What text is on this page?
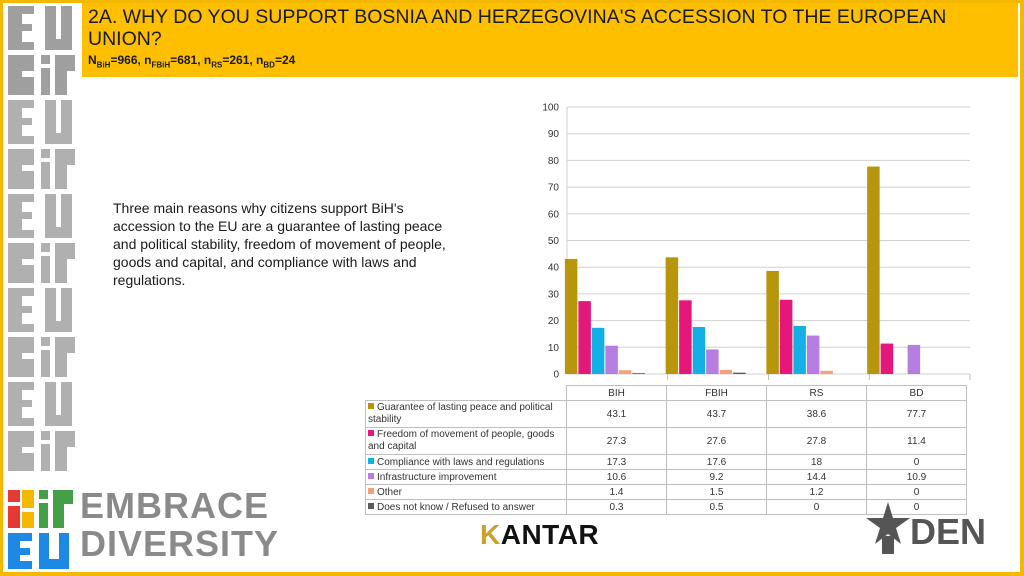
2A. WHY DO YOU SUPPORT BOSNIA AND HERZEGOVINA'S ACCESSION TO THE EUROPEAN UNION?
$N_{BiH}=966$, $n_{FBiH}=681$, $n_{RS}=261$, $n_{BD}=24$
Three main reasons why citizens support BiH's accession to the EU are a guarantee of lasting peace and political stability, freedom of movement of people, goods and capital, and compliance with laws and regulations.
0
10
20
30
40
50
60
70
80
90
100
	BIH	FBIH	RS	BD
Guarantee of lasting peace and political stability	43.1	43.7	38.6	77.7
Freedom of movement of people, goods and capital	27.3	27.6	27.8	11.4
Compliance with laws and regulations	17.3	17.6	18	0
Infrastructure improvement	10.6	9.2	14.4	10.9
Other	1.4	1.5	1.2	0
Does not know / Refused to answer	0.3	0.5	0	0
EMBRACE
DIVERSITY	KANTAR	DEN
